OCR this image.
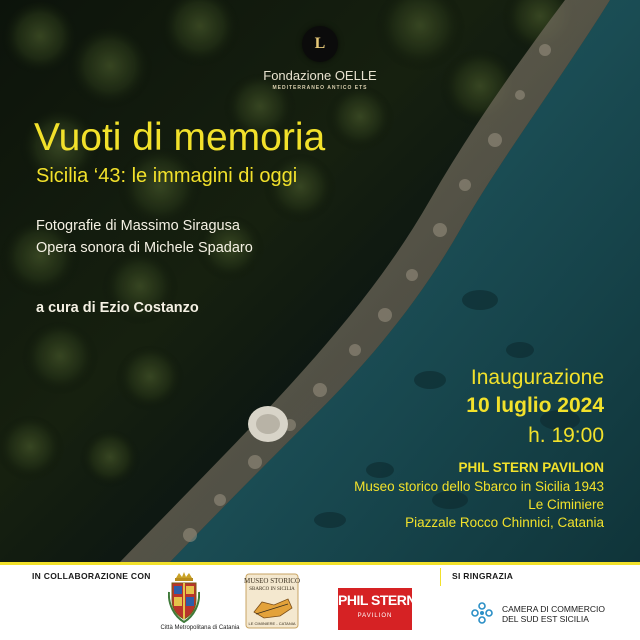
L
Fondazione OELLE
MEDITERRANEO ANTICO ETS
Vuoti di memoria
Sicilia ‘43: le immagini di oggi
Fotografie di Massimo Siragusa
Opera sonora di Michele Spadaro
a cura di Ezio Costanzo
Inaugurazione
10 luglio 2024
h. 19:00
PHIL STERN PAVILION
Museo storico dello Sbarco in Sicilia 1943
Le Ciminiere
Piazzale Rocco Chinnici, Catania
IN COLLABORAZIONE CON	SI RINGRAZIA
Città Metropolitana di Catania
MUSEO STORICO
SBARCO IN SICILIA
LE CIMINIERE - CATANIA
PHIL STERN
PAVILION
CAMERA DI COMMERCIO
DEL SUD EST SICILIA
